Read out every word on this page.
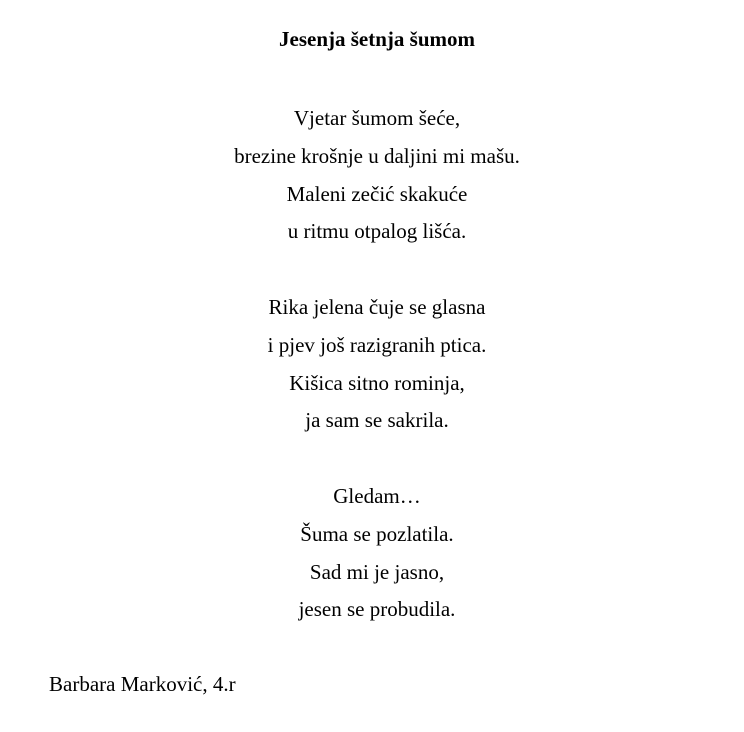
Jesenja šetnja šumom
Vjetar šumom šeće,
brezine krošnje u daljini mi mašu.
Maleni zečić skakuće
u ritmu otpalog lišća.
Rika jelena čuje se glasna
i pjev još razigranih ptica.
Kišica sitno rominja,
ja sam se sakrila.
Gledam…
Šuma se pozlatila.
Sad mi je jasno,
jesen se probudila.
Barbara Marković, 4.r
